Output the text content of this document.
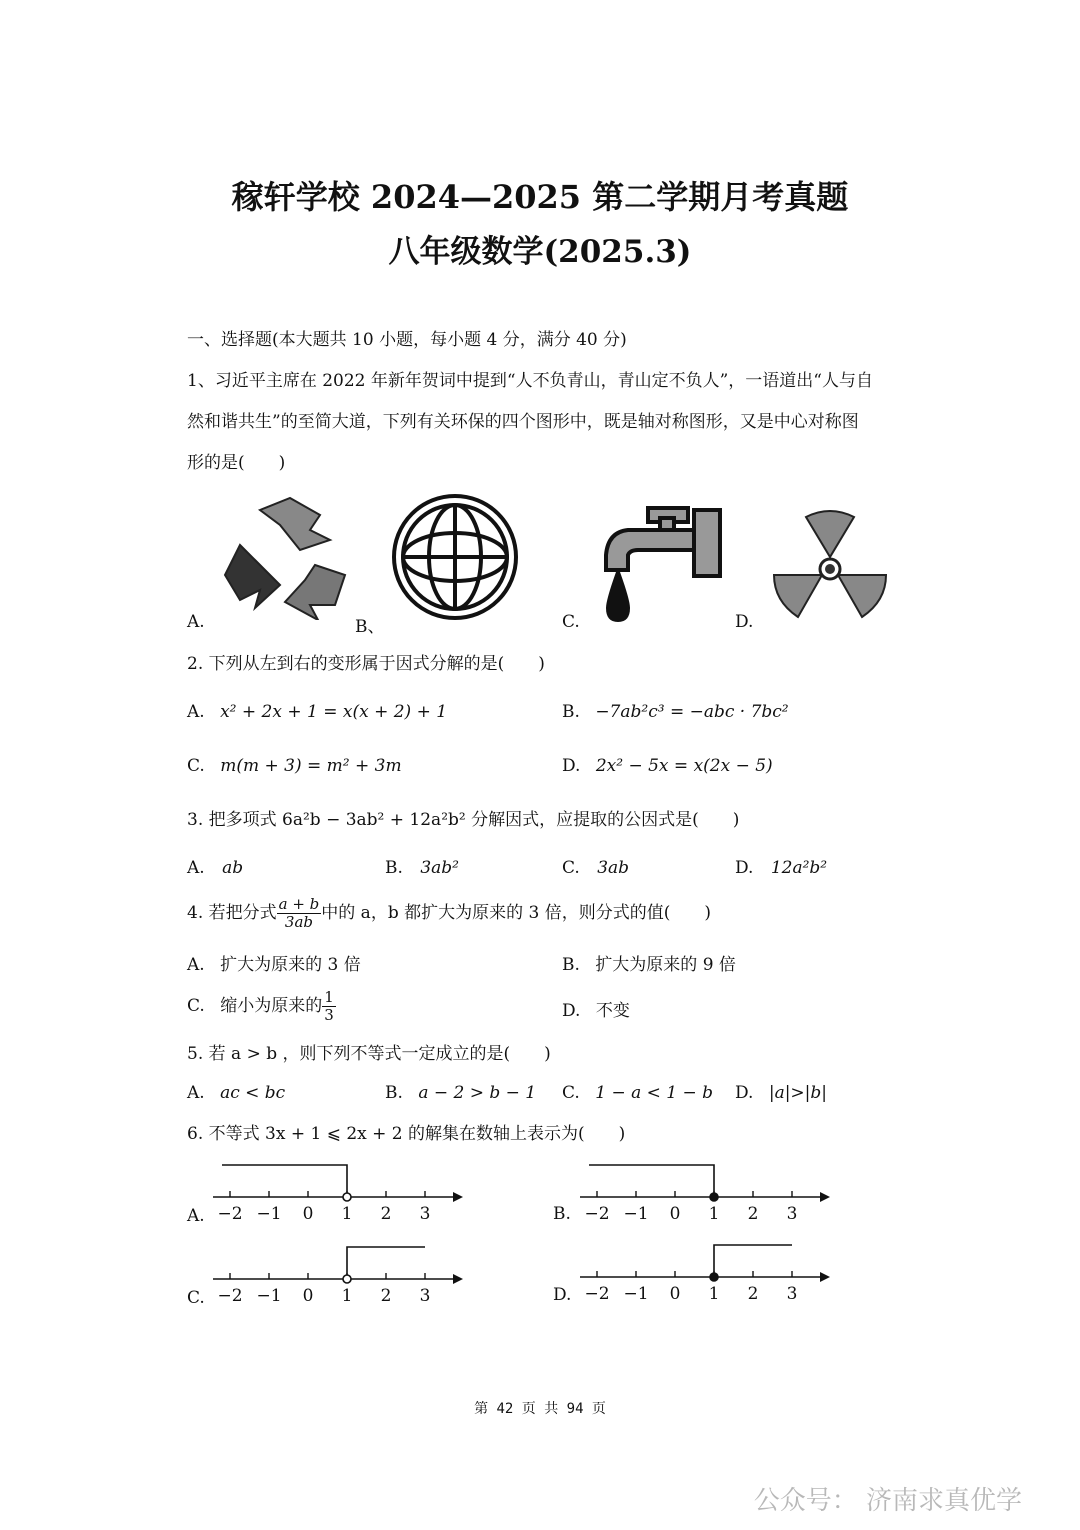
稼轩学校 2024—2025 第二学期月考真题
八年级数学(2025.3)
一、选择题(本大题共 10 小题，每小题 4 分，满分 40 分)
1、习近平主席在 2022 年新年贺词中提到“人不负青山，青山定不负人”，一语道出“人与自
然和谐共生”的至简大道，下列有关环保的四个图形中，既是轴对称图形，又是中心对称图
形的是(　　)
A.	B、	C.	D.
2. 下列从左到右的变形属于因式分解的是(　　)
A. x² + 2x + 1 = x(x + 2) + 1	B. −7ab²c³ = −abc · 7bc²
C. m(m + 3) = m² + 3m	D. 2x² − 5x = x(2x − 5)
3. 把多项式 6a²b − 3ab² + 12a²b² 分解因式，应提取的公因式是(　　)
A. ab	B. 3ab²	C. 3ab	D. 12a²b²
4. 若把分式 $\frac{a + b}{3ab}$ 中的 a，b 都扩大为原来的 3 倍，则分式的值(　　)
A. 扩大为原来的 3 倍	B. 扩大为原来的 9 倍
C. 缩小为原来的 $\frac{1}{3}$	D. 不变
5. 若 a > b ，则下列不等式一定成立的是(　　)
A. ac < bc	B. a − 2 > b − 1 C. 1 − a < 1 − b D. |a|>|b|
6. 不等式 3x + 1 ⩽ 2x + 2 的解集在数轴上表示为(　　)
A.	B.
C.	D.
−2 −1 0 1 2 3	−2 −1 0 1 2 3
−2 −1 0 1 2 3	−2 −1 0 1 2 3
第 42 页 共 94 页
公众号： 济南求真优学
